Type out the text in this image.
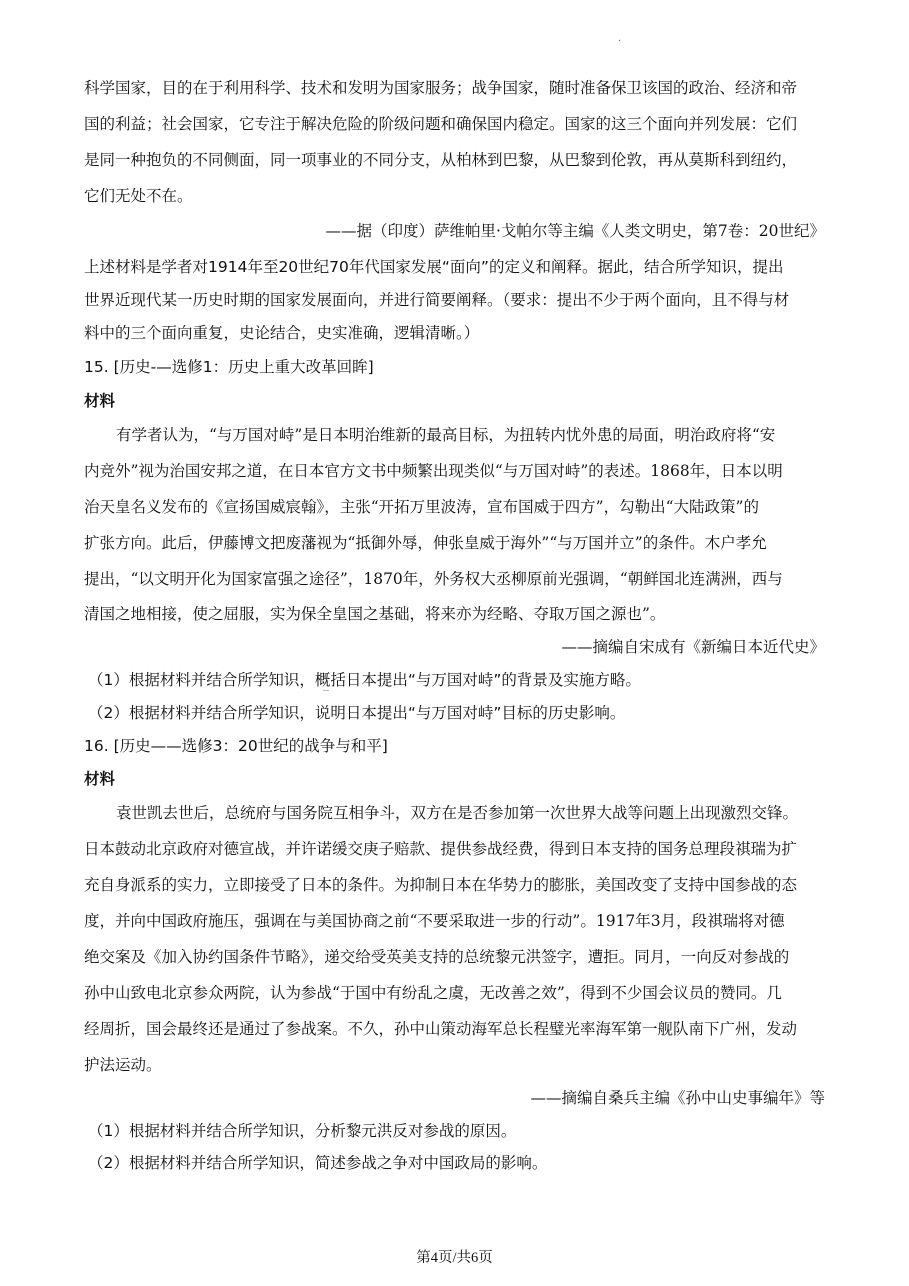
·
科学国家，目的在于利用科学、技术和发明为国家服务；战争国家，随时准备保卫该国的政治、经济和帝
国的利益；社会国家，它专注于解决危险的阶级问题和确保国内稳定。国家的这三个面向并列发展：它们
是同一种抱负的不同侧面，同一项事业的不同分支，从柏林到巴黎，从巴黎到伦敦，再从莫斯科到纽约，
它们无处不在。
——据（印度）萨维帕里·戈帕尔等主编《人类文明史，第7卷：20世纪》
上述材料是学者对1914年至20世纪70年代国家发展“面向”的定义和阐释。据此，结合所学知识，提出
世界近现代某一历史时期的国家发展面向，并进行简要阐释。（要求：提出不少于两个面向，且不得与材
料中的三个面向重复，史论结合，史实准确，逻辑清晰。）
15. [历史-—选修1：历史上重大改革回眸]
材料
有学者认为，“与万国对峙”是日本明治维新的最高目标，为扭转内忧外患的局面，明治政府将“安
内竞外”视为治国安邦之道，在日本官方文书中频繁出现类似“与万国对峙”的表述。1868年，日本以明
治天皇名义发布的《宣扬国威宸翰》，主张“开拓万里波涛，宣布国威于四方”，勾勒出“大陆政策”的
扩张方向。此后，伊藤博文把废藩视为“抵御外辱，伸张皇威于海外”“与万国并立”的条件。木户孝允
提出，“以文明开化为国家富强之途径”，1870年，外务权大丞柳原前光强调，“朝鲜国北连满洲，西与
清国之地相接，使之屈服，实为保全皇国之基础，将来亦为经略、夺取万国之源也”。
——摘编自宋成有《新编日本近代史》
（1）根据材料并结合所学知识，概括日本提出“与万国对峙”的背景及实施方略。
（2）根据材料并结合所学知识，说明日本提出“与万国对峙”目标的历史影响。
16. [历史——选修3：20世纪的战争与和平]
材料
袁世凯去世后，总统府与国务院互相争斗，双方在是否参加第一次世界大战等问题上出现激烈交锋。
日本鼓动北京政府对德宣战，并许诺缓交庚子赔款、提供参战经费，得到日本支持的国务总理段祺瑞为扩
充自身派系的实力，立即接受了日本的条件。为抑制日本在华势力的膨胀，美国改变了支持中国参战的态
度，并向中国政府施压，强调在与美国协商之前“不要采取进一步的行动”。1917年3月，段祺瑞将对德
绝交案及《加入协约国条件节略》，递交给受英美支持的总统黎元洪签字，遭拒。同月，一向反对参战的
孙中山致电北京参众两院，认为参战“于国中有纷乱之虞，无改善之效”，得到不少国会议员的赞同。几
经周折，国会最终还是通过了参战案。不久，孙中山策动海军总长程璧光率海军第一舰队南下广州，发动
护法运动。
——摘编自桑兵主编《孙中山史事编年》等
（1）根据材料并结合所学知识，分析黎元洪反对参战的原因。
（2）根据材料并结合所学知识，简述参战之争对中国政局的影响。
第4页/共6页
